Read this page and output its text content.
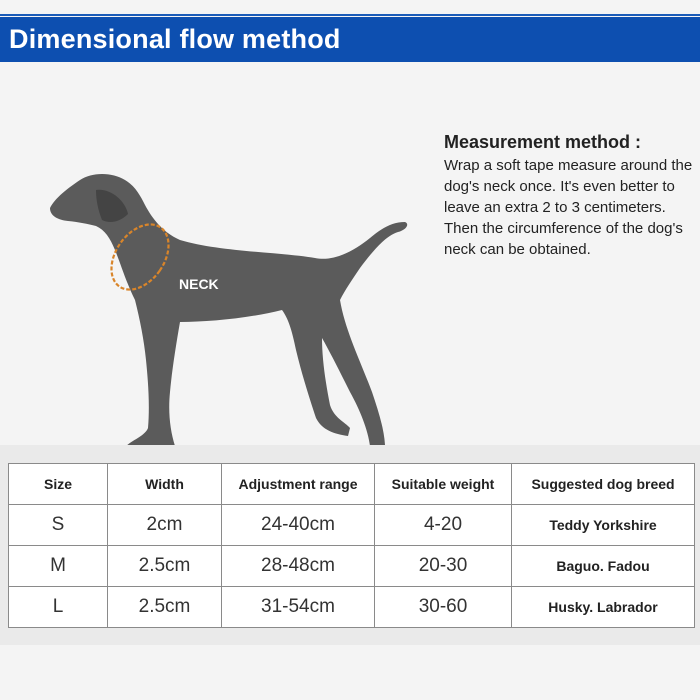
Dimensional flow method
NECK

Measurement method :

Wrap a soft tape measure around the dog's neck once. It's even better to leave an extra 2 to 3 centimeters. Then the circumference of the dog's neck can be obtained.

Size	Width	Adjustment range	Suitable weight	Suggested dog breed
S	2cm	24-40cm	4-20	Teddy Yorkshire
M	2.5cm	28-48cm	20-30	Baguo. Fadou
L	2.5cm	31-54cm	30-60	Husky. Labrador
